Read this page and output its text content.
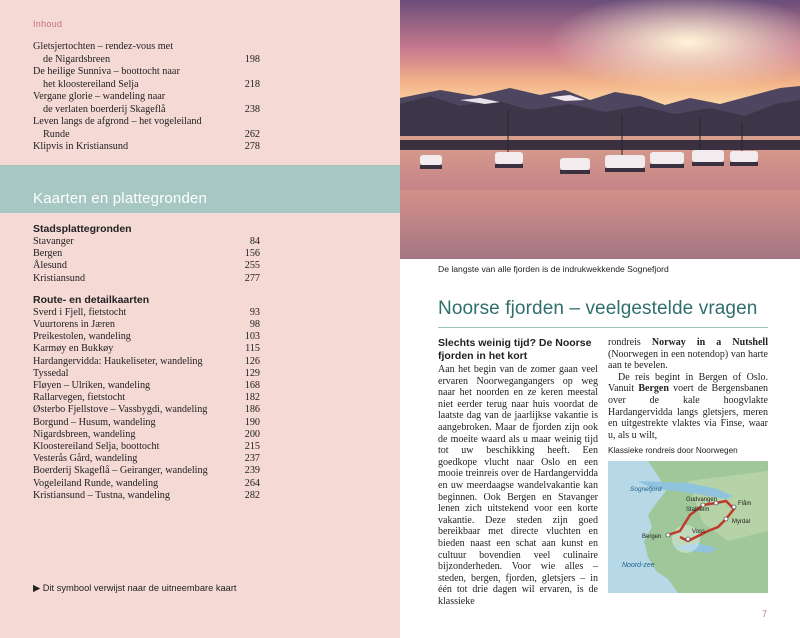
Inhoud
Gletsjertochten – rendez-vous met
de Nigardsbreen	198
De heilige Sunniva – boottocht naar
het kloostereiland Selja	218
Vergane glorie – wandeling naar
de verlaten boerderij Skageflå	238
Leven langs de afgrond – het vogeleiland
Runde	262
Klipvis in Kristiansund	278
Kaarten en plattegronden
Stadsplattegronden
Stavanger	84
Bergen	156
Ålesund	255
Kristiansund	277
Route- en detailkaarten
Sverd i Fjell, fietstocht	93
Vuurtorens in Jæren	98
Preikestolen, wandeling	103
Karmøy en Bukkøy	115
Hardangervidda: Haukeliseter, wandeling	126
Tyssedal	129
Fløyen – Ulriken, wandeling	168
Rallarvegen, fietstocht	182
Østerbo Fjellstove – Vassbygdi, wandeling	186
Borgund – Husum, wandeling	190
Nigardsbreen, wandeling	200
Kloostereiland Selja, boottocht	215
Vesterås Gård, wandeling	237
Boerderij Skageflå – Geiranger, wandeling	239
Vogeleiland Runde, wandeling	264
Kristiansund – Tustna, wandeling	282
▶ Dit symbool verwijst naar de uitneembare kaart
De langste van alle fjorden is de indrukwekkende Sognefjord
Noorse fjorden – veelgestelde vragen
Slechts weinig tijd? De Noorse fjorden in het kort

Aan het begin van de zomer gaan veel ervaren Noorwegangangers op weg naar het noorden en ze keren meestal niet eerder terug naar huis voordat de laatste dag van de jaarlijkse vakantie is aangebroken. Maar de fjorden zijn ook de moeite waard als u maar weinig tijd tot uw beschikking heeft. Een goedkope vlucht naar Oslo en een mooie treinreis over de Hardangervidda en uw meerdaagse wandelvakantie kan beginnen. Ook Bergen en Stavanger lenen zich uitstekend voor een korte vakantie. Deze steden zijn goed bereikbaar met directe vluchten en bieden naast een schat aan kunst en cultuur bovendien veel culinaire bijzonderheden. Voor wie alles – steden, bergen, fjorden, gletsjers – in één tot drie dagen wil ervaren, is de klassieke

rondreis Norway in a Nutshell (Noorwegen in een notendop) van harte aan te bevelen.

De reis begint in Bergen of Oslo. Vanuit Bergen voert de Bergensbanen over de kale hoogvlakte Hardangervidda langs gletsjers, meren en uitgestrekte vlaktes via Finse, waar u, als u wilt,

Klassieke rondreis door Noorwegen
Sognefjord
Gudvangen
Stalheim
Flåm
Myrdal
Voss
Bergen
Noord-zee
7
